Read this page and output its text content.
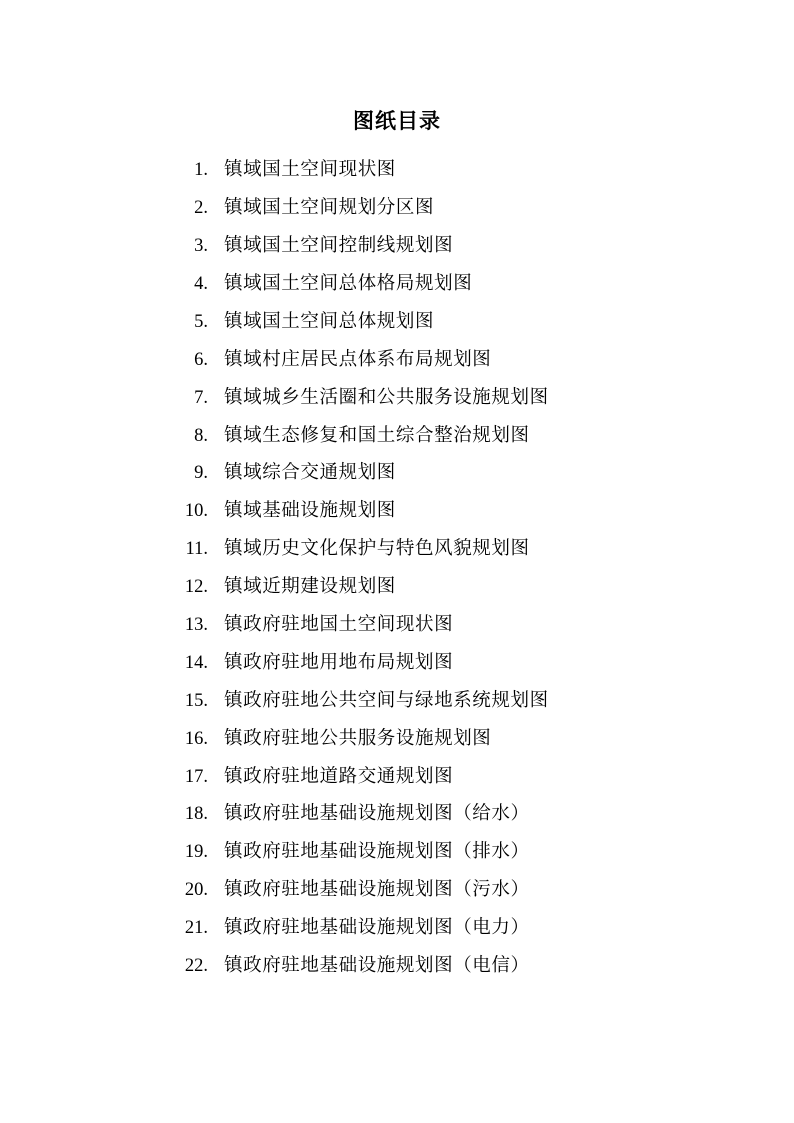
图纸目录
1. 镇域国土空间现状图
2. 镇域国土空间规划分区图
3. 镇域国土空间控制线规划图
4. 镇域国土空间总体格局规划图
5. 镇域国土空间总体规划图
6. 镇域村庄居民点体系布局规划图
7. 镇域城乡生活圈和公共服务设施规划图
8. 镇域生态修复和国土综合整治规划图
9. 镇域综合交通规划图
10. 镇域基础设施规划图
11. 镇域历史文化保护与特色风貌规划图
12. 镇域近期建设规划图
13. 镇政府驻地国土空间现状图
14. 镇政府驻地用地布局规划图
15. 镇政府驻地公共空间与绿地系统规划图
16. 镇政府驻地公共服务设施规划图
17. 镇政府驻地道路交通规划图
18. 镇政府驻地基础设施规划图（给水）
19. 镇政府驻地基础设施规划图（排水）
20. 镇政府驻地基础设施规划图（污水）
21. 镇政府驻地基础设施规划图（电力）
22. 镇政府驻地基础设施规划图（电信）
